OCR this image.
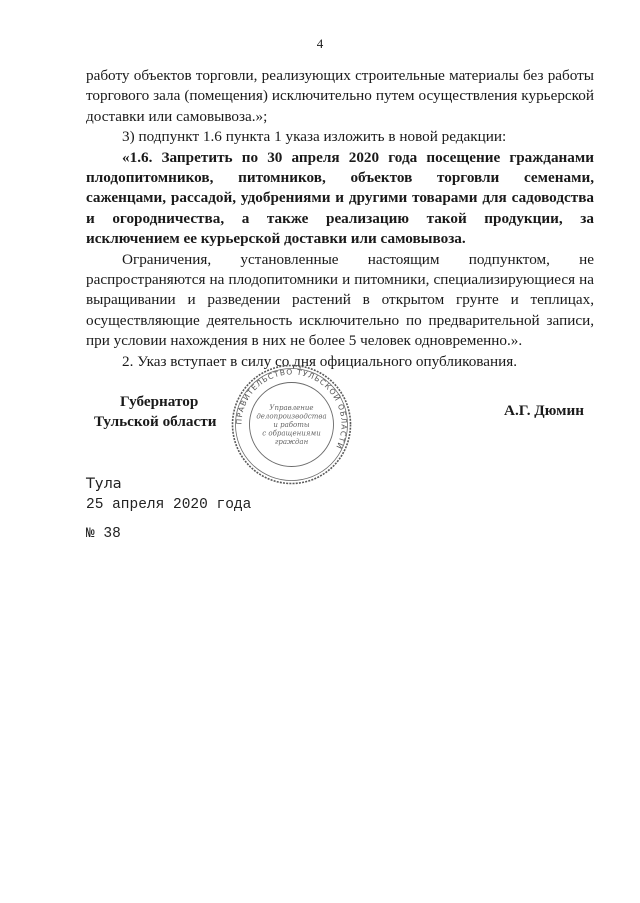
4

работу объектов торговли, реализующих строительные материалы без работы торгового зала (помещения) исключительно путем осуществления курьерской доставки или самовывоза.»;

3) подпункт 1.6 пункта 1 указа изложить в новой редакции:

«1.6. Запретить по 30 апреля 2020 года посещение гражданами плодопитомников, питомников, объектов торговли семенами, саженцами, рассадой, удобрениями и другими товарами для садоводства и огородничества, а также реализацию такой продукции, за исключением ее курьерской доставки или самовывоза.

Ограничения, установленные настоящим подпунктом, не распространяются на плодопитомники и питомники, специализирующиеся на выращивании и разведении растений в открытом грунте и теплицах, осуществляющие деятельность исключительно по предварительной записи, при условии нахождения в них не более 5 человек одновременно.».

2. Указ вступает в силу со дня официального опубликования.

Губернатор
Тульской области ПРАВИТЕЛЬСТВО ТУЛЬСКОЙ ОБЛАСТИ
Управление
делопроизводства
и работы
с обращениями
граждан
А.Г. Дюмин
Тула
25 апреля 2020 года
№ 38
